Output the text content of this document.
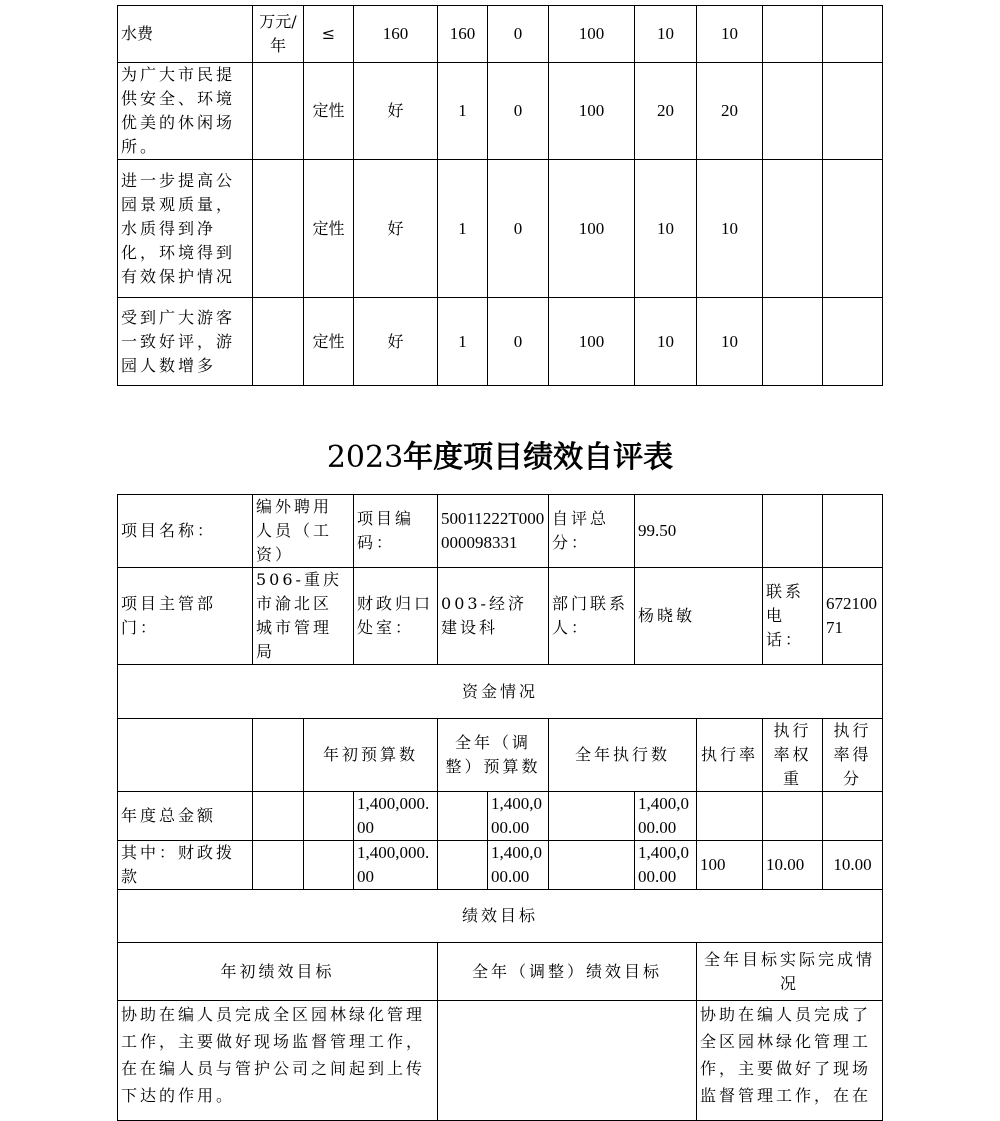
水费	万元/年	≤	160	160	0	100	10	10		
为广大市民提供安全、环境优美的休闲场所。		定性	好	1	0	100	20	20		
进一步提高公园景观质量，水质得到净化，环境得到有效保护情况		定性	好	1	0	100	10	10		
受到广大游客一致好评，游园人数增多		定性	好	1	0	100	10	10		
2023年度项目绩效自评表
项目名称：	编外聘用人员（工资）		项目编码：	50011222T000000098331		自评总分：	99.50			
项目主管部门：	506-重庆市渝北区城市管理局		财政归口处室：	003-经济建设科		部门联系人：	杨晓敏		联系电话：	67210071
资金情况										
		年初预算数		全年（调整）预算数		全年执行数		执行率	执行率权重	执行率得分
年度总金额			1,400,000.00		1,400,000.00		1,400,000.00			
其中：财政拨款			1,400,000.00		1,400,000.00		1,400,000.00	100	10.00	10.00
绩效目标										
年初绩效目标				全年（调整）绩效目标				全年目标实际完成情况		
协助在编人员完成全区园林绿化管理工作，主要做好现场监督管理工作，在在编人员与管护公司之间起到上传下达的作用。								协助在编人员完成了全区园林绿化管理工作，主要做好了现场监督管理工作，在在		
